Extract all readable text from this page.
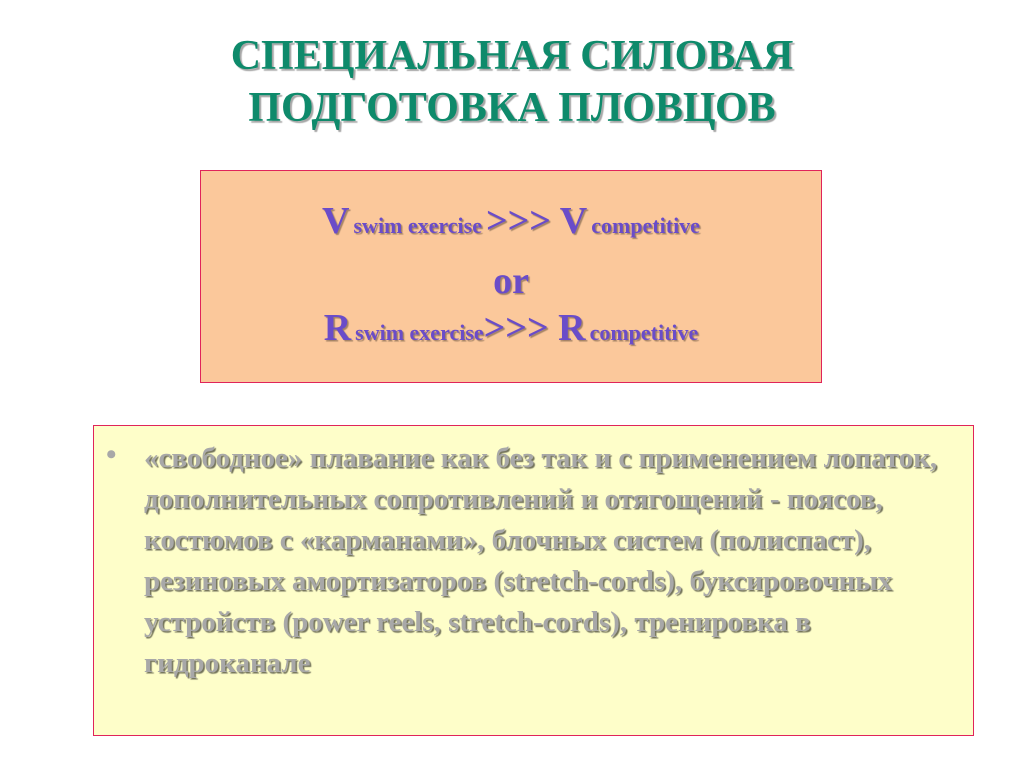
СПЕЦИАЛЬНАЯ СИЛОВАЯ
ПОДГОТОВКА ПЛОВЦОВ
V swim exercise >>> V competitive
or
R swim exercise>>> R competitive
• «свободное» плавание как без так и с применением лопаток, дополнительных сопротивлений и отягощений - поясов, костюмов с «карманами», блочных систем (полиспаст), резиновых амортизаторов (stretch-cords), буксировочных устройств (power reels, stretch-cords), тренировка в гидроканале
